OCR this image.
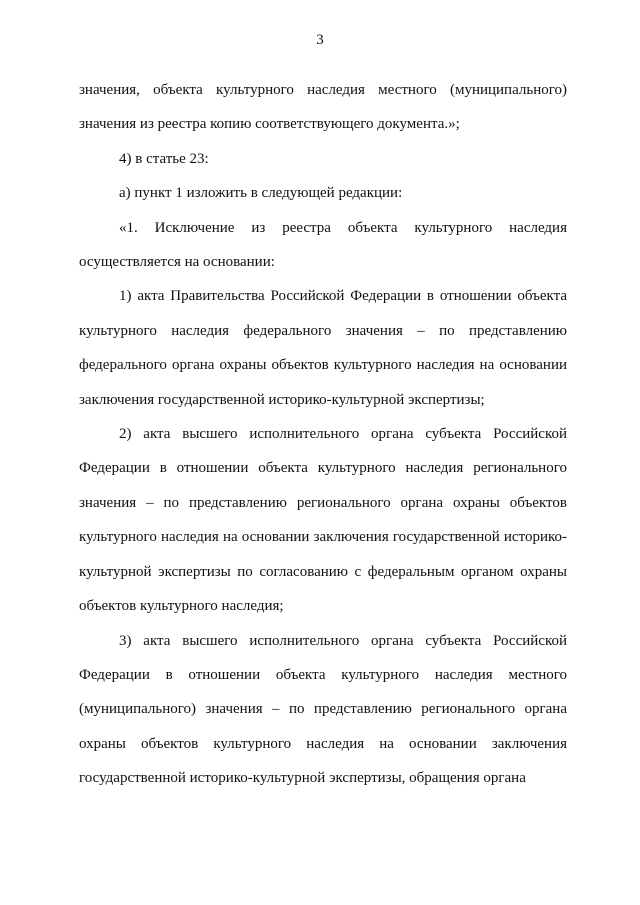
3

значения, объекта культурного наследия местного (муниципального) значения из реестра копию соответствующего документа.»;

4) в статье 23:

а) пункт 1 изложить в следующей редакции:

«1. Исключение из реестра объекта культурного наследия осуществляется на основании:

1) акта Правительства Российской Федерации в отношении объекта культурного наследия федерального значения – по представлению федерального органа охраны объектов культурного наследия на основании заключения государственной историко-культурной экспертизы;

2) акта высшего исполнительного органа субъекта Российской Федерации в отношении объекта культурного наследия регионального значения – по представлению регионального органа охраны объектов культурного наследия на основании заключения государственной историко-культурной экспертизы по согласованию с федеральным органом охраны объектов культурного наследия;

3) акта высшего исполнительного органа субъекта Российской Федерации в отношении объекта культурного наследия местного (муниципального) значения – по представлению регионального органа охраны объектов культурного наследия на основании заключения государственной историко-культурной экспертизы, обращения органа
